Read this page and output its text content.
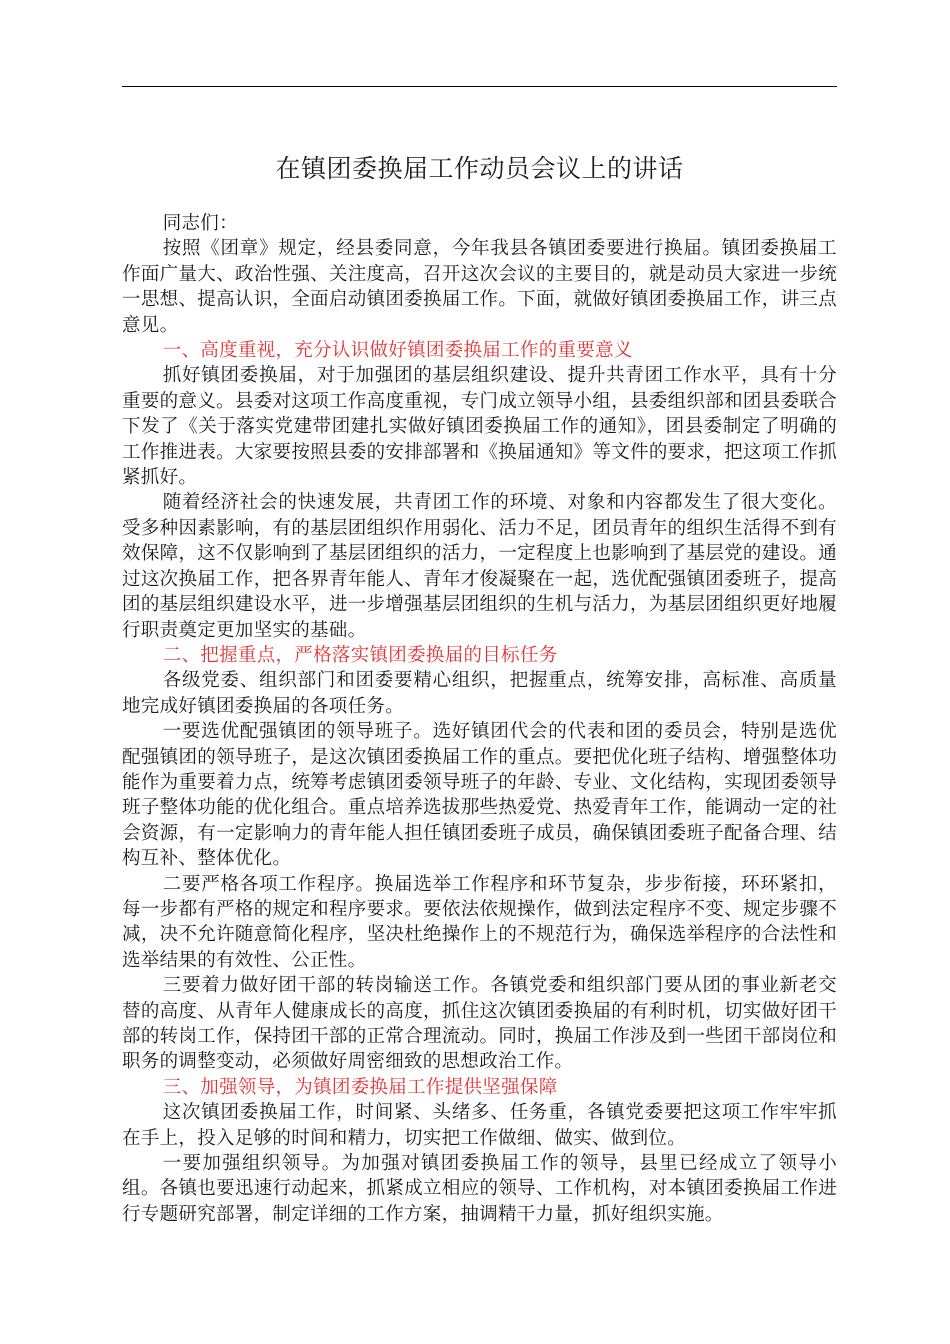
在镇团委换届工作动员会议上的讲话

同志们：

按照《团章》规定，经县委同意，今年我县各镇团委要进行换届。镇团委换届工作面广量大、政治性强、关注度高，召开这次会议的主要目的，就是动员大家进一步统一思想、提高认识，全面启动镇团委换届工作。下面，就做好镇团委换届工作，讲三点意见。

一、高度重视，充分认识做好镇团委换届工作的重要意义

抓好镇团委换届，对于加强团的基层组织建设、提升共青团工作水平，具有十分重要的意义。县委对这项工作高度重视，专门成立领导小组，县委组织部和团县委联合下发了《关于落实党建带团建扎实做好镇团委换届工作的通知》，团县委制定了明确的工作推进表。大家要按照县委的安排部署和《换届通知》等文件的要求，把这项工作抓紧抓好。

随着经济社会的快速发展，共青团工作的环境、对象和内容都发生了很大变化。受多种因素影响，有的基层团组织作用弱化、活力不足，团员青年的组织生活得不到有效保障，这不仅影响到了基层团组织的活力，一定程度上也影响到了基层党的建设。通过这次换届工作，把各界青年能人、青年才俊凝聚在一起，选优配强镇团委班子，提高团的基层组织建设水平，进一步增强基层团组织的生机与活力，为基层团组织更好地履行职责奠定更加坚实的基础。

二、把握重点，严格落实镇团委换届的目标任务

各级党委、组织部门和团委要精心组织，把握重点，统筹安排，高标准、高质量地完成好镇团委换届的各项任务。

一要选优配强镇团的领导班子。选好镇团代会的代表和团的委员会，特别是选优配强镇团的领导班子，是这次镇团委换届工作的重点。要把优化班子结构、增强整体功能作为重要着力点，统筹考虑镇团委领导班子的年龄、专业、文化结构，实现团委领导班子整体功能的优化组合。重点培养选拔那些热爱党、热爱青年工作，能调动一定的社会资源，有一定影响力的青年能人担任镇团委班子成员，确保镇团委班子配备合理、结构互补、整体优化。

二要严格各项工作程序。换届选举工作程序和环节复杂，步步衔接，环环紧扣，每一步都有严格的规定和程序要求。要依法依规操作，做到法定程序不变、规定步骤不减，决不允许随意简化程序，坚决杜绝操作上的不规范行为，确保选举程序的合法性和选举结果的有效性、公正性。

三要着力做好团干部的转岗输送工作。各镇党委和组织部门要从团的事业新老交替的高度、从青年人健康成长的高度，抓住这次镇团委换届的有利时机，切实做好团干部的转岗工作，保持团干部的正常合理流动。同时，换届工作涉及到一些团干部岗位和职务的调整变动，必须做好周密细致的思想政治工作。

三、加强领导，为镇团委换届工作提供坚强保障

这次镇团委换届工作，时间紧、头绪多、任务重，各镇党委要把这项工作牢牢抓在手上，投入足够的时间和精力，切实把工作做细、做实、做到位。

一要加强组织领导。为加强对镇团委换届工作的领导，县里已经成立了领导小组。各镇也要迅速行动起来，抓紧成立相应的领导、工作机构，对本镇团委换届工作进行专题研究部署，制定详细的工作方案，抽调精干力量，抓好组织实施。
